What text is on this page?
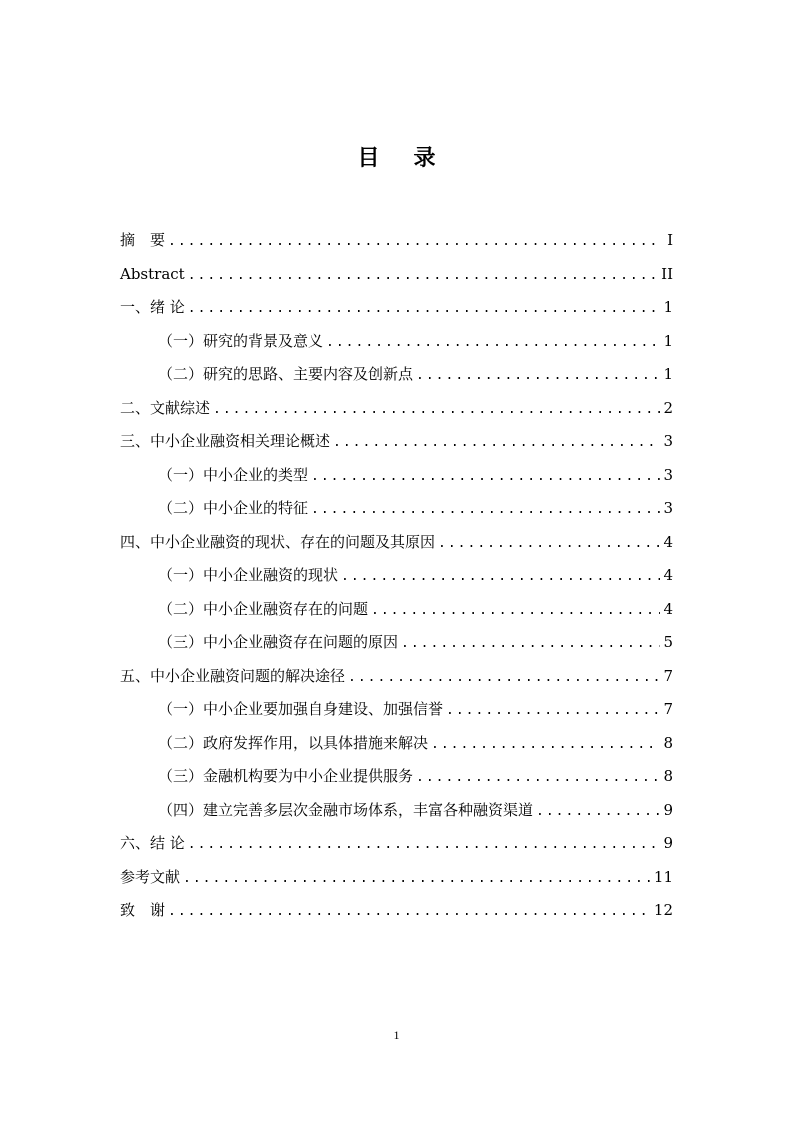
目录
摘　要 .....	I
Abstract .....	II
一、绪 论 .....	1
（一）研究的背景及意义 .....	1
（二）研究的思路、主要内容及创新点 .....	1
二、文献综述 .....	2
三、中小企业融资相关理论概述 .....	3
（一）中小企业的类型 .....	3
（二）中小企业的特征 .....	3
四、中小企业融资的现状、存在的问题及其原因 .....	4
（一）中小企业融资的现状 .....	4
（二）中小企业融资存在的问题 .....	4
（三）中小企业融资存在问题的原因 .....	5
五、中小企业融资问题的解决途径 .....	7
（一）中小企业要加强自身建设、加强信誉 .....	7
（二）政府发挥作用，以具体措施来解决 .....	8
（三）金融机构要为中小企业提供服务 .....	8
（四）建立完善多层次金融市场体系，丰富各种融资渠道 .....	9
六、结 论 .....	9
参考文献 .....	11
致　谢 .....	12
1
